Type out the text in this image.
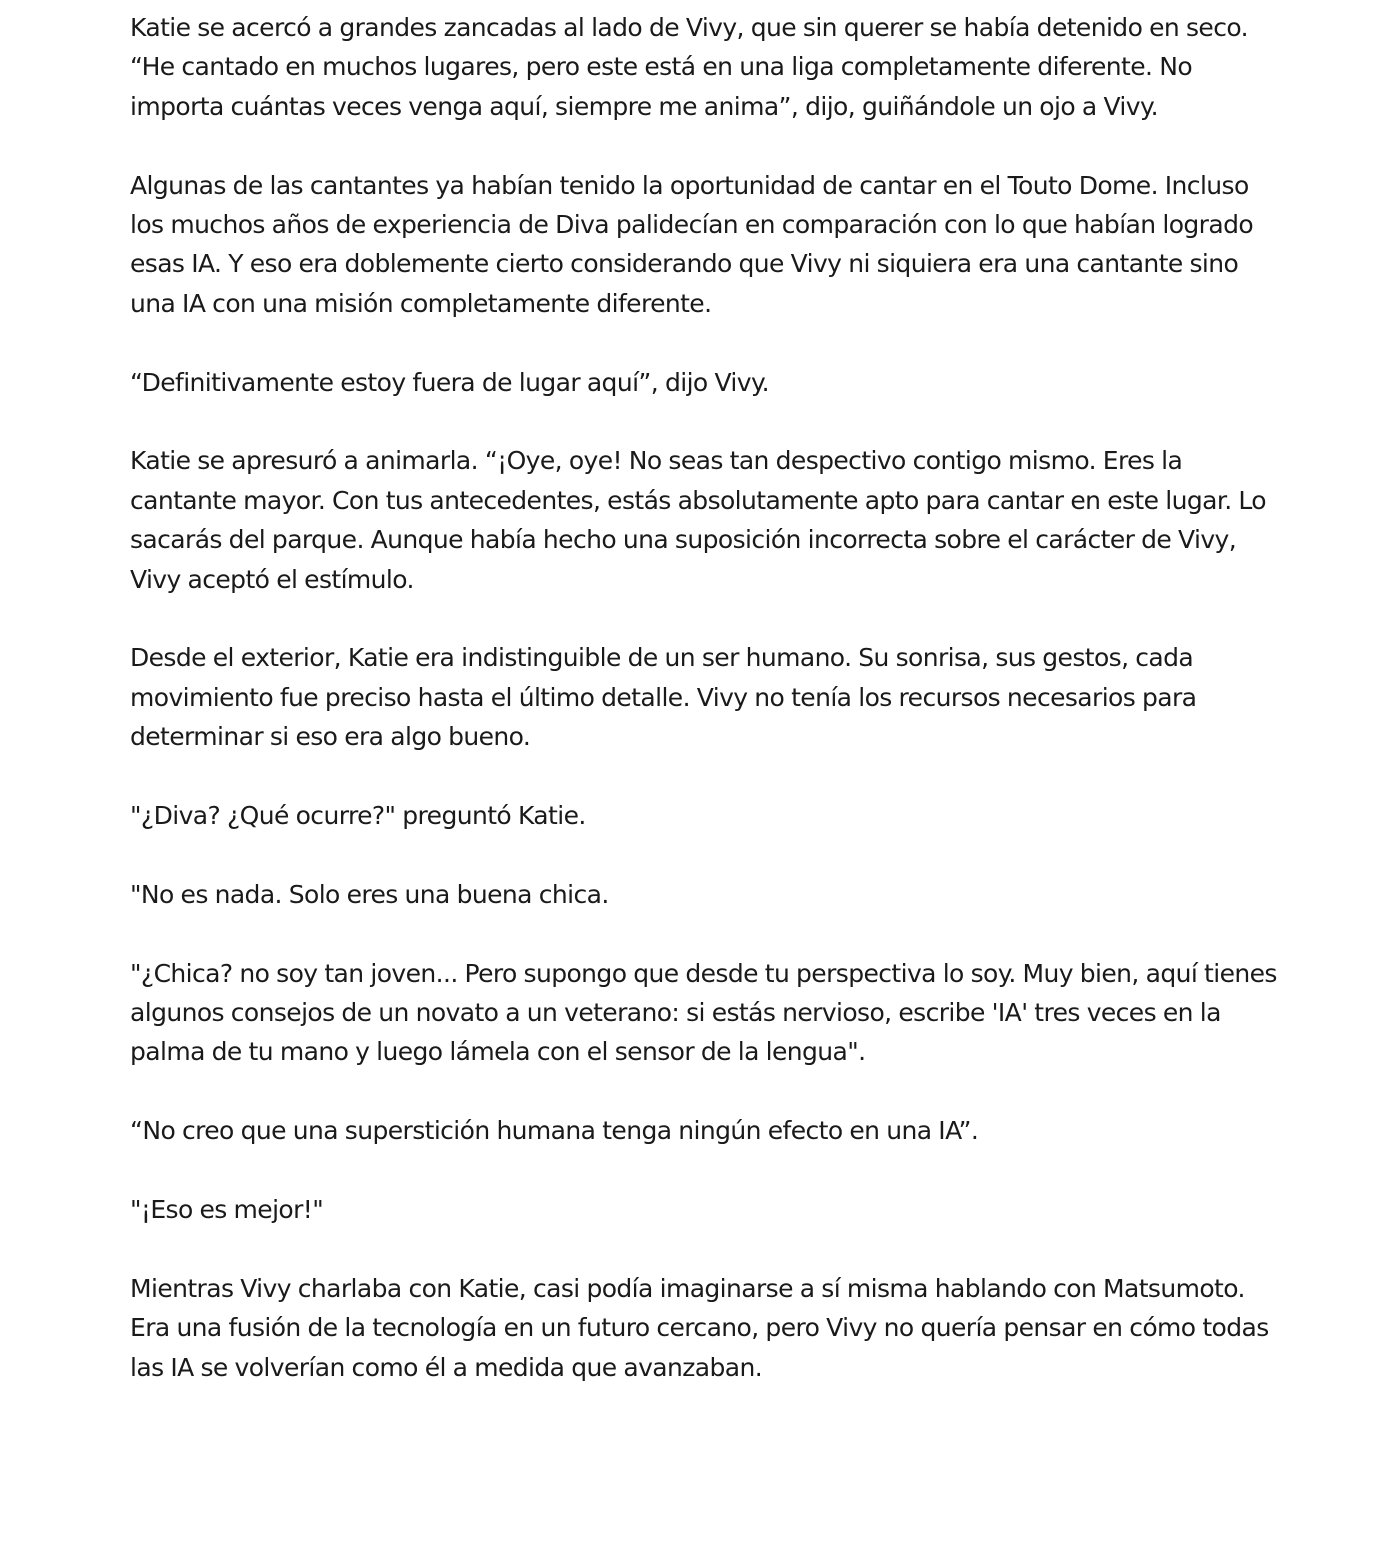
Katie se acercó a grandes zancadas al lado de Vivy, que sin querer se había detenido en seco. “He cantado en muchos lugares, pero este está en una liga completamente diferente. No importa cuántas veces venga aquí, siempre me anima”, dijo, guiñándole un ojo a Vivy.

Algunas de las cantantes ya habían tenido la oportunidad de cantar en el Touto Dome. Incluso los muchos años de experiencia de Diva palidecían en comparación con lo que habían logrado esas IA. Y eso era doblemente cierto considerando que Vivy ni siquiera era una cantante sino una IA con una misión completamente diferente.

“Definitivamente estoy fuera de lugar aquí”, dijo Vivy.

Katie se apresuró a animarla. “¡Oye, oye! No seas tan despectivo contigo mismo. Eres la cantante mayor. Con tus antecedentes, estás absolutamente apto para cantar en este lugar. Lo sacarás del parque. Aunque había hecho una suposición incorrecta sobre el carácter de Vivy, Vivy aceptó el estímulo.

Desde el exterior, Katie era indistinguible de un ser humano. Su sonrisa, sus gestos, cada movimiento fue preciso hasta el último detalle. Vivy no tenía los recursos necesarios para determinar si eso era algo bueno.

"¿Diva? ¿Qué ocurre?" preguntó Katie.

"No es nada. Solo eres una buena chica.

"¿Chica? no soy tan joven... Pero supongo que desde tu perspectiva lo soy. Muy bien, aquí tienes algunos consejos de un novato a un veterano: si estás nervioso, escribe 'IA' tres veces en la palma de tu mano y luego lámela con el sensor de la lengua".

“No creo que una superstición humana tenga ningún efecto en una IA”.

"¡Eso es mejor!"

Mientras Vivy charlaba con Katie, casi podía imaginarse a sí misma hablando con Matsumoto. Era una fusión de la tecnología en un futuro cercano, pero Vivy no quería pensar en cómo todas las IA se volverían como él a medida que avanzaban.
